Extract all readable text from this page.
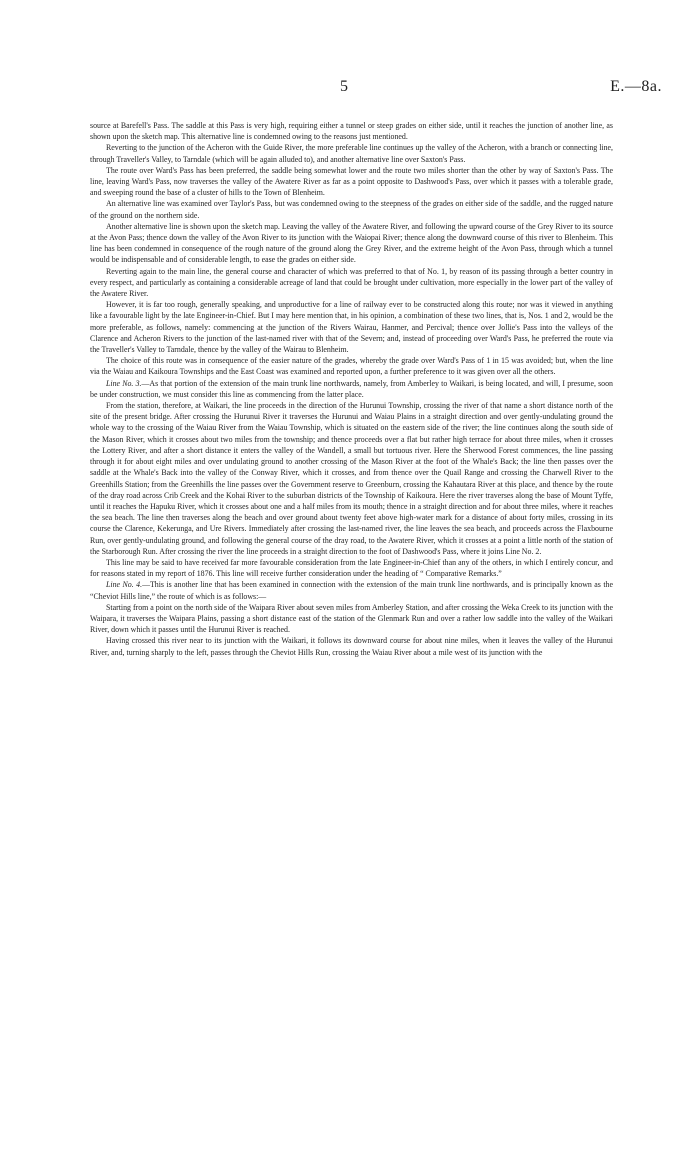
5	E.—8a.

source at Barefell's Pass. The saddle at this Pass is very high, requiring either a tunnel or steep grades on either side, until it reaches the junction of another line, as shown upon the sketch map. This alternative line is condemned owing to the reasons just mentioned.

Reverting to the junction of the Acheron with the Guide River, the more preferable line continues up the valley of the Acheron, with a branch or connecting line, through Traveller's Valley, to Tarndale (which will be again alluded to), and another alternative line over Saxton's Pass.

The route over Ward's Pass has been preferred, the saddle being somewhat lower and the route two miles shorter than the other by way of Saxton's Pass. The line, leaving Ward's Pass, now traverses the valley of the Awatere River as far as a point opposite to Dashwood's Pass, over which it passes with a tolerable grade, and sweeping round the base of a cluster of hills to the Town of Blenheim.

An alternative line was examined over Taylor's Pass, but was condemned owing to the steepness of the grades on either side of the saddle, and the rugged nature of the ground on the northern side.

Another alternative line is shown upon the sketch map. Leaving the valley of the Awatere River, and following the upward course of the Grey River to its source at the Avon Pass; thence down the valley of the Avon River to its junction with the Waiopai River; thence along the downward course of this river to Blenheim. This line has been condemned in consequence of the rough nature of the ground along the Grey River, and the extreme height of the Avon Pass, through which a tunnel would be indispensable and of considerable length, to ease the grades on either side.

Reverting again to the main line, the general course and character of which was preferred to that of No. 1, by reason of its passing through a better country in every respect, and particularly as containing a considerable acreage of land that could be brought under cultivation, more especially in the lower part of the valley of the Awatere River.

However, it is far too rough, generally speaking, and unproductive for a line of railway ever to be constructed along this route; nor was it viewed in anything like a favourable light by the late Engineer-in-Chief. But I may here mention that, in his opinion, a combination of these two lines, that is, Nos. 1 and 2, would be the more preferable, as follows, namely: commencing at the junction of the Rivers Wairau, Hanmer, and Percival; thence over Jollie's Pass into the valleys of the Clarence and Acheron Rivers to the junction of the last-named river with that of the Severn; and, instead of proceeding over Ward's Pass, he preferred the route via the Traveller's Valley to Tarndale, thence by the valley of the Wairau to Blenheim.

The choice of this route was in consequence of the easier nature of the grades, whereby the grade over Ward's Pass of 1 in 15 was avoided; but, when the line via the Waiau and Kaikoura Townships and the East Coast was examined and reported upon, a further preference to it was given over all the others.

Line No. 3.—As that portion of the extension of the main trunk line northwards, namely, from Amberley to Waikari, is being located, and will, I presume, soon be under construction, we must consider this line as commencing from the latter place.

From the station, therefore, at Waikari, the line proceeds in the direction of the Hurunui Township, crossing the river of that name a short distance north of the site of the present bridge. After crossing the Hurunui River it traverses the Hurunui and Waiau Plains in a straight direction and over gently-undulating ground the whole way to the crossing of the Waiau River from the Waiau Township, which is situated on the eastern side of the river; the line continues along the south side of the Mason River, which it crosses about two miles from the township; and thence proceeds over a flat but rather high terrace for about three miles, when it crosses the Lottery River, and after a short distance it enters the valley of the Wandell, a small but tortuous river. Here the Sherwood Forest commences, the line passing through it for about eight miles and over undulating ground to another crossing of the Mason River at the foot of the Whale's Back; the line then passes over the saddle at the Whale's Back into the valley of the Conway River, which it crosses, and from thence over the Quail Range and crossing the Charwell River to the Greenhills Station; from the Greenhills the line passes over the Government reserve to Greenburn, crossing the Kahautara River at this place, and thence by the route of the dray road across Crib Creek and the Kohai River to the suburban districts of the Township of Kaikoura. Here the river traverses along the base of Mount Tyffe, until it reaches the Hapuku River, which it crosses about one and a half miles from its mouth; thence in a straight direction and for about three miles, where it reaches the sea beach. The line then traverses along the beach and over ground about twenty feet above high-water mark for a distance of about forty miles, crossing in its course the Clarence, Kekerunga, and Ure Rivers. Immediately after crossing the last-named river, the line leaves the sea beach, and proceeds across the Flaxbourne Run, over gently-undulating ground, and following the general course of the dray road, to the Awatere River, which it crosses at a point a little north of the station of the Starborough Run. After crossing the river the line proceeds in a straight direction to the foot of Dashwood's Pass, where it joins Line No. 2.

This line may be said to have received far more favourable consideration from the late Engineer-in-Chief than any of the others, in which I entirely concur, and for reasons stated in my report of 1876. This line will receive further consideration under the heading of “ Comparative Remarks.”

Line No. 4.—This is another line that has been examined in connection with the extension of the main trunk line northwards, and is principally known as the “Cheviot Hills line,” the route of which is as follows:—

Starting from a point on the north side of the Waipara River about seven miles from Amberley Station, and after crossing the Weka Creek to its junction with the Waipara, it traverses the Waipara Plains, passing a short distance east of the station of the Glenmark Run and over a rather low saddle into the valley of the Waikari River, down which it passes until the Hurunui River is reached.

Having crossed this river near to its junction with the Waikari, it follows its downward course for about nine miles, when it leaves the valley of the Hurunui River, and, turning sharply to the left, passes through the Cheviot Hills Run, crossing the Waiau River about a mile west of its junction with the
